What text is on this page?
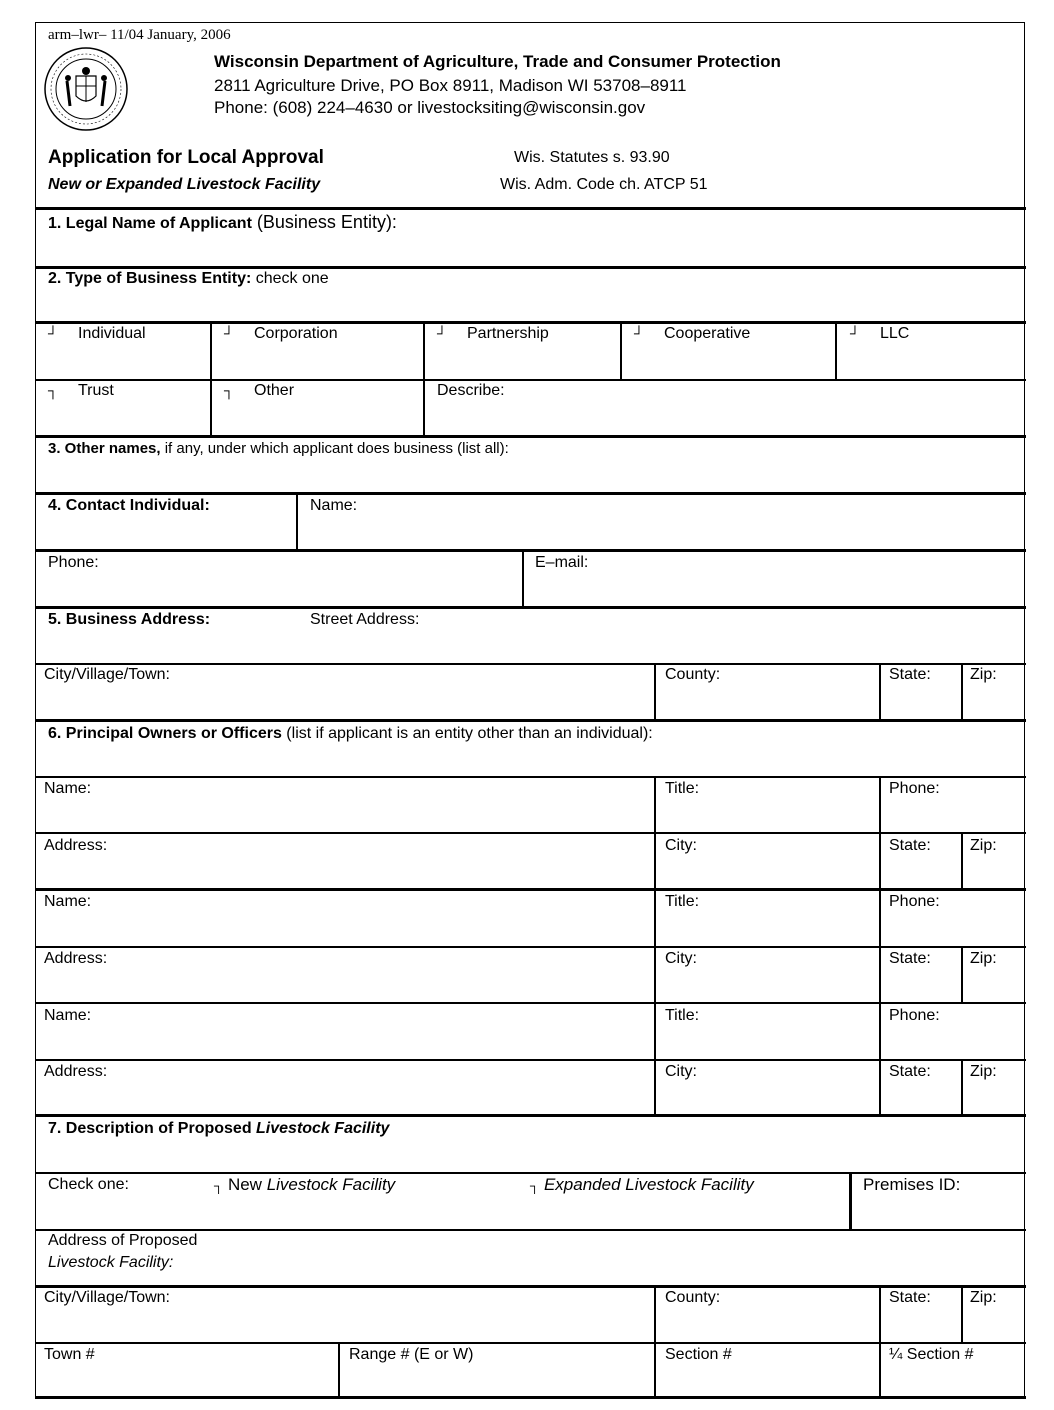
arm–lwr– 11/04 January, 2006
Wisconsin Department of Agriculture, Trade and Consumer Protection
2811 Agriculture Drive, PO Box 8911, Madison WI 53708–8911
Phone: (608) 224–4630 or livestocksiting@wisconsin.gov
Application for Local Approval
New or Expanded Livestock Facility
Wis. Statutes s. 93.90
Wis. Adm. Code ch. ATCP 51
1. Legal Name of Applicant (Business Entity):
2. Type of Business Entity: check one
┘ Individual	┘ Corporation	┘ Partnership	┘ Cooperative	┘ LLC
┐ Trust	┐ Other	Describe:
3. Other names, if any, under which applicant does business (list all):
4. Contact Individual:	Name:
Phone:	E–mail:
5. Business Address:	Street Address:
City/Village/Town:	County:	State: Zip:
6. Principal Owners or Officers (list if applicant is an entity other than an individual):
Name:	Title:	Phone:
Address:	City:	State: Zip:
Name:	Title:	Phone:
Address:	City:	State: Zip:
Name:	Title:	Phone:
Address:	City:	State: Zip:
7. Description of Proposed Livestock Facility
Check one:	┐ New Livestock Facility	┐ Expanded Livestock Facility	Premises ID:
Address of Proposed
Livestock Facility:
City/Village/Town:	County:	State: Zip:
Town #	Range # (E or W)	Section #	¼ Section #
